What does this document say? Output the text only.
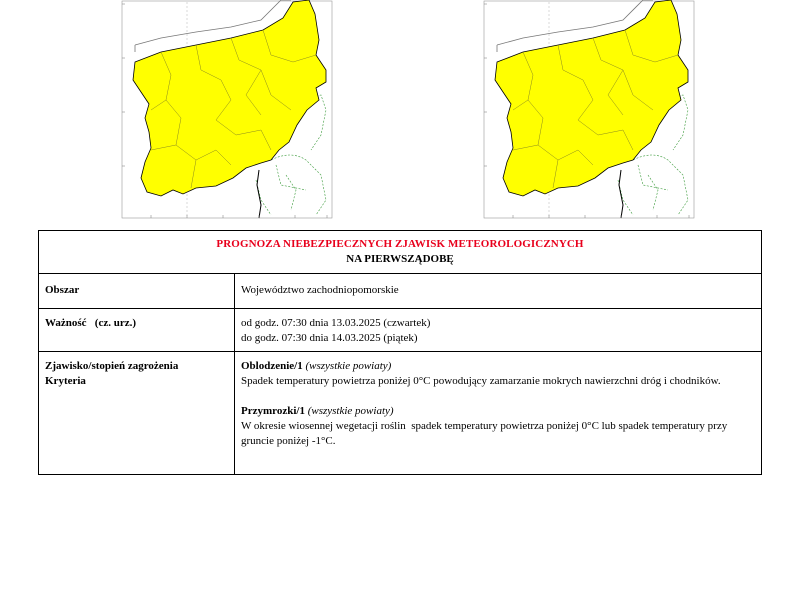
PROGNOZA NIEBEZPIECZNYCH ZJAWISK METEOROLOGICZNYCH
NA PIERWSZĄDOBĘ	

Obszar	Województwo zachodniopomorskie
Ważność   (cz. urz.)	od godz. 07:30 dnia 13.03.2025 (czwartek)
do godz. 07:30 dnia 14.03.2025 (piątek)

Zjawisko/stopień zagrożenia
Kryteria	Oblodzenie/1 (wszystkie powiaty)
Spadek temperatury powietrza poniżej 0°C powodujący zamarzanie mokrych nawierzchni dróg i chodników.
Przymrozki/1 (wszystkie powiaty)
W okresie wiosennej wegetacji roślin  spadek temperatury powietrza poniżej 0°C lub spadek temperatury przy gruncie poniżej -1°C.
